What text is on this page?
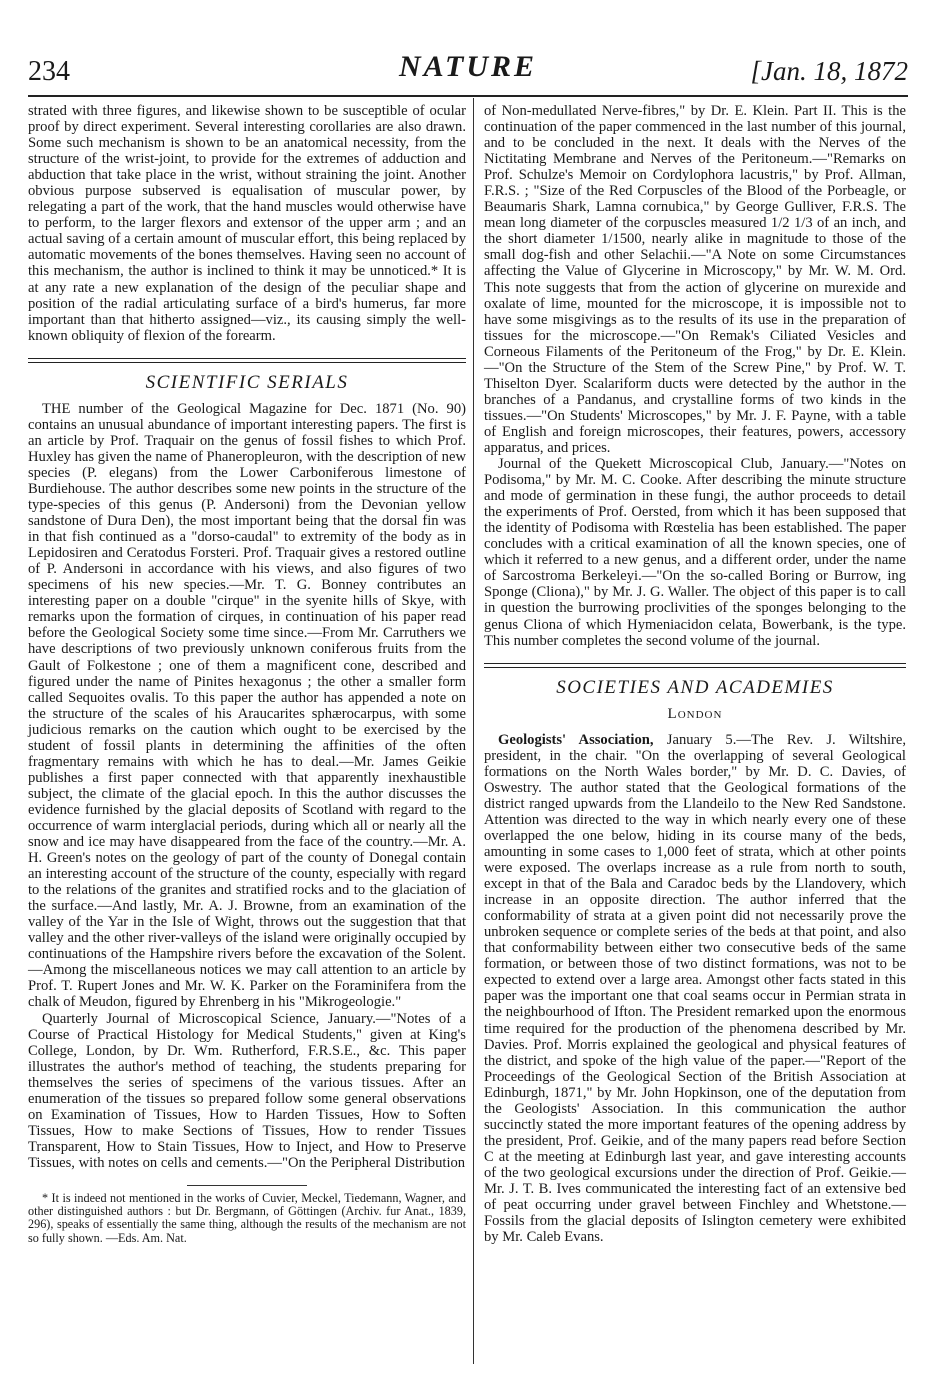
234	NATURE	[Jan. 18, 1872

strated with three figures, and likewise shown to be susceptible of ocular proof by direct experiment. Several interesting corollaries are also drawn. Some such mechanism is shown to be an anatomical necessity, from the structure of the wrist-joint, to provide for the extremes of adduction and abduction that take place in the wrist, without straining the joint. Another obvious purpose subserved is equalisation of muscular power, by relegating a part of the work, that the hand muscles would otherwise have to perform, to the larger flexors and extensor of the upper arm ; and an actual saving of a certain amount of muscular effort, this being replaced by automatic movements of the bones themselves. Having seen no account of this mechanism, the author is inclined to think it may be unnoticed.* It is at any rate a new explanation of the design of the peculiar shape and position of the radial articulating surface of a bird's humerus, far more important than that hitherto assigned—viz., its causing simply the well-known obliquity of flexion of the forearm.

SCIENTIFIC SERIALS

THE number of the Geological Magazine for Dec. 1871 (No. 90) contains an unusual abundance of important interesting papers. The first is an article by Prof. Traquair on the genus of fossil fishes to which Prof. Huxley has given the name of Phaneropleuron, with the description of new species (P. elegans) from the Lower Carboniferous limestone of Burdiehouse. The author describes some new points in the structure of the type-species of this genus (P. Andersoni) from the Devonian yellow sandstone of Dura Den), the most important being that the dorsal fin was in that fish continued as a "dorso-caudal" to extremity of the body as in Lepidosiren and Ceratodus Forsteri. Prof. Traquair gives a restored outline of P. Andersoni in accordance with his views, and also figures of two specimens of his new species.—Mr. T. G. Bonney contributes an interesting paper on a double "cirque" in the syenite hills of Skye, with remarks upon the formation of cirques, in continuation of his paper read before the Geological Society some time since.—From Mr. Carruthers we have descriptions of two previously unknown coniferous fruits from the Gault of Folkestone ; one of them a magnificent cone, described and figured under the name of Pinites hexagonus ; the other a smaller form called Sequoites ovalis. To this paper the author has appended a note on the structure of the scales of his Araucarites sphærocarpus, with some judicious remarks on the caution which ought to be exercised by the student of fossil plants in determining the affinities of the often fragmentary remains with which he has to deal.—Mr. James Geikie publishes a first paper connected with that apparently inexhaustible subject, the climate of the glacial epoch. In this the author discusses the evidence furnished by the glacial deposits of Scotland with regard to the occurrence of warm interglacial periods, during which all or nearly all the snow and ice may have disappeared from the face of the country.—Mr. A. H. Green's notes on the geology of part of the county of Donegal contain an interesting account of the structure of the county, especially with regard to the relations of the granites and stratified rocks and to the glaciation of the surface.—And lastly, Mr. A. J. Browne, from an examination of the valley of the Yar in the Isle of Wight, throws out the suggestion that that valley and the other river-valleys of the island were originally occupied by continuations of the Hampshire rivers before the excavation of the Solent.—Among the miscellaneous notices we may call attention to an article by Prof. T. Rupert Jones and Mr. W. K. Parker on the Foraminifera from the chalk of Meudon, figured by Ehrenberg in his "Mikrogeologie."

Quarterly Journal of Microscopical Science, January.—"Notes of a Course of Practical Histology for Medical Students," given at King's College, London, by Dr. Wm. Rutherford, F.R.S.E., &c. This paper illustrates the author's method of teaching, the students preparing for themselves the series of specimens of the various tissues. After an enumeration of the tissues so prepared follow some general observations on Examination of Tissues, How to Harden Tissues, How to Soften Tissues, How to make Sections of Tissues, How to render Tissues Transparent, How to Stain Tissues, How to Inject, and How to Preserve Tissues, with notes on cells and cements.—"On the Peripheral Distribution

* It is indeed not mentioned in the works of Cuvier, Meckel, Tiedemann, Wagner, and other distinguished authors : but Dr. Bergmann, of Göttingen (Archiv. fur Anat., 1839, 296), speaks of essentially the same thing, although the results of the mechanism are not so fully shown. —Eds. Am. Nat.

of Non-medullated Nerve-fibres," by Dr. E. Klein. Part II. This is the continuation of the paper commenced in the last number of this journal, and to be concluded in the next. It deals with the Nerves of the Nictitating Membrane and Nerves of the Peritoneum.—"Remarks on Prof. Schulze's Memoir on Cordylophora lacustris," by Prof. Allman, F.R.S. ; "Size of the Red Corpuscles of the Blood of the Porbeagle, or Beaumaris Shark, Lamna cornubica," by George Gulliver, F.R.S. The mean long diameter of the corpuscles measured 1/2 1/3 of an inch, and the short diameter 1/1500, nearly alike in magnitude to those of the small dog-fish and other Selachii.—"A Note on some Circumstances affecting the Value of Glycerine in Microscopy," by Mr. W. M. Ord. This note suggests that from the action of glycerine on murexide and oxalate of lime, mounted for the microscope, it is impossible not to have some misgivings as to the results of its use in the preparation of tissues for the microscope.—"On Remak's Ciliated Vesicles and Corneous Filaments of the Peritoneum of the Frog," by Dr. E. Klein.—"On the Structure of the Stem of the Screw Pine," by Prof. W. T. Thiselton Dyer. Scalariform ducts were detected by the author in the branches of a Pandanus, and crystalline forms of two kinds in the tissues.—"On Students' Microscopes," by Mr. J. F. Payne, with a table of English and foreign microscopes, their features, powers, accessory apparatus, and prices.

Journal of the Quekett Microscopical Club, January.—"Notes on Podisoma," by Mr. M. C. Cooke. After describing the minute structure and mode of germination in these fungi, the author proceeds to detail the experiments of Prof. Oersted, from which it has been supposed that the identity of Podisoma with Rœstelia has been established. The paper concludes with a critical examination of all the known species, one of which it referred to a new genus, and a different order, under the name of Sarcostroma Berkeleyi.—"On the so-called Boring or Burrow, ing Sponge (Cliona)," by Mr. J. G. Waller. The object of this paper is to call in question the burrowing proclivities of the sponges belonging to the genus Cliona of which Hymeniacidon celata, Bowerbank, is the type. This number completes the second volume of the journal.

SOCIETIES AND ACADEMIES
London

Geologists' Association, January 5.—The Rev. J. Wiltshire, president, in the chair. "On the overlapping of several Geological formations on the North Wales border," by Mr. D. C. Davies, of Oswestry. The author stated that the Geological formations of the district ranged upwards from the Llandeilo to the New Red Sandstone. Attention was directed to the way in which nearly every one of these overlapped the one below, hiding in its course many of the beds, amounting in some cases to 1,000 feet of strata, which at other points were exposed. The overlaps increase as a rule from north to south, except in that of the Bala and Caradoc beds by the Llandovery, which increase in an opposite direction. The author inferred that the conformability of strata at a given point did not necessarily prove the unbroken sequence or complete series of the beds at that point, and also that conformability between either two consecutive beds of the same formation, or between those of two distinct formations, was not to be expected to extend over a large area. Amongst other facts stated in this paper was the important one that coal seams occur in Permian strata in the neighbourhood of Ifton. The President remarked upon the enormous time required for the production of the phenomena described by Mr. Davies. Prof. Morris explained the geological and physical features of the district, and spoke of the high value of the paper.—"Report of the Proceedings of the Geological Section of the British Association at Edinburgh, 1871," by Mr. John Hopkinson, one of the deputation from the Geologists' Association. In this communication the author succinctly stated the more important features of the opening address by the president, Prof. Geikie, and of the many papers read before Section C at the meeting at Edinburgh last year, and gave interesting accounts of the two geological excursions under the direction of Prof. Geikie.—Mr. J. T. B. Ives communicated the interesting fact of an extensive bed of peat occurring under gravel between Finchley and Whetstone.—Fossils from the glacial deposits of Islington cemetery were exhibited by Mr. Caleb Evans.
